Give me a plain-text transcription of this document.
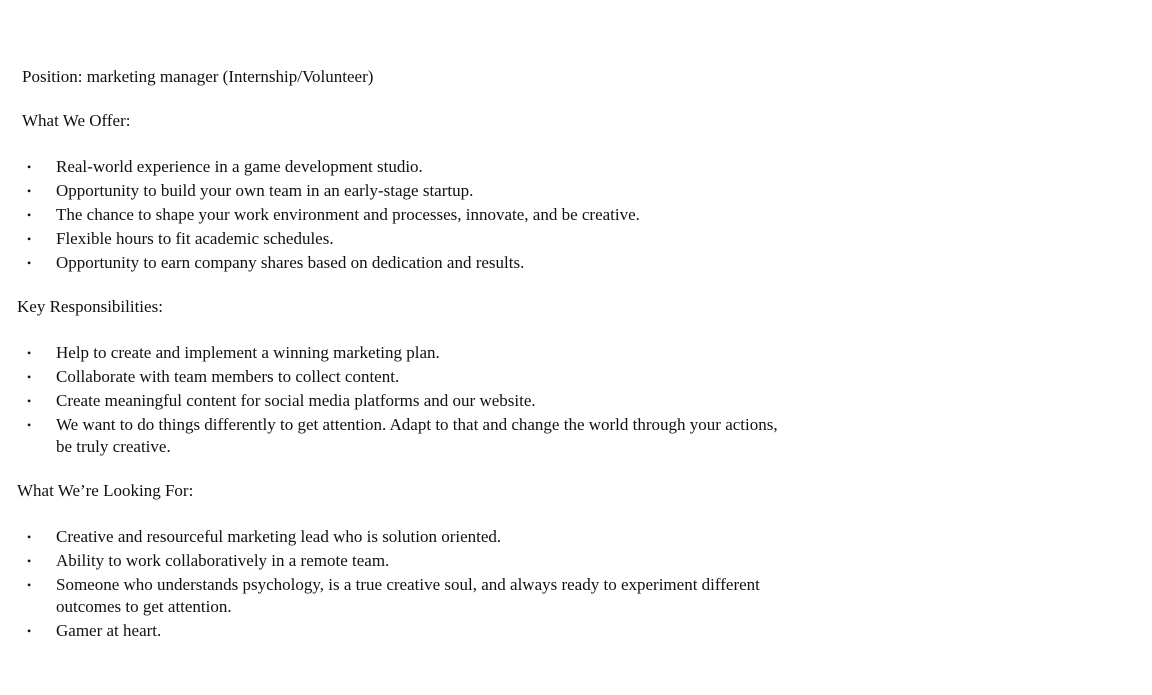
Position: marketing manager (Internship/Volunteer)

What We Offer:

• Real-world experience in a game development studio.
• Opportunity to build your own team in an early-stage startup.
• The chance to shape your work environment and processes, innovate, and be creative.
• Flexible hours to fit academic schedules.
• Opportunity to earn company shares based on dedication and results.

Key Responsibilities:

• Help to create and implement a winning marketing plan.
• Collaborate with team members to collect content.
• Create meaningful content for social media platforms and our website.
• We want to do things differently to get attention. Adapt to that and change the world through your actions, be truly creative.

What We’re Looking For:

• Creative and resourceful marketing lead who is solution oriented.
• Ability to work collaboratively in a remote team.
• Someone who understands psychology, is a true creative soul, and always ready to experiment different outcomes to get attention.
• Gamer at heart.
